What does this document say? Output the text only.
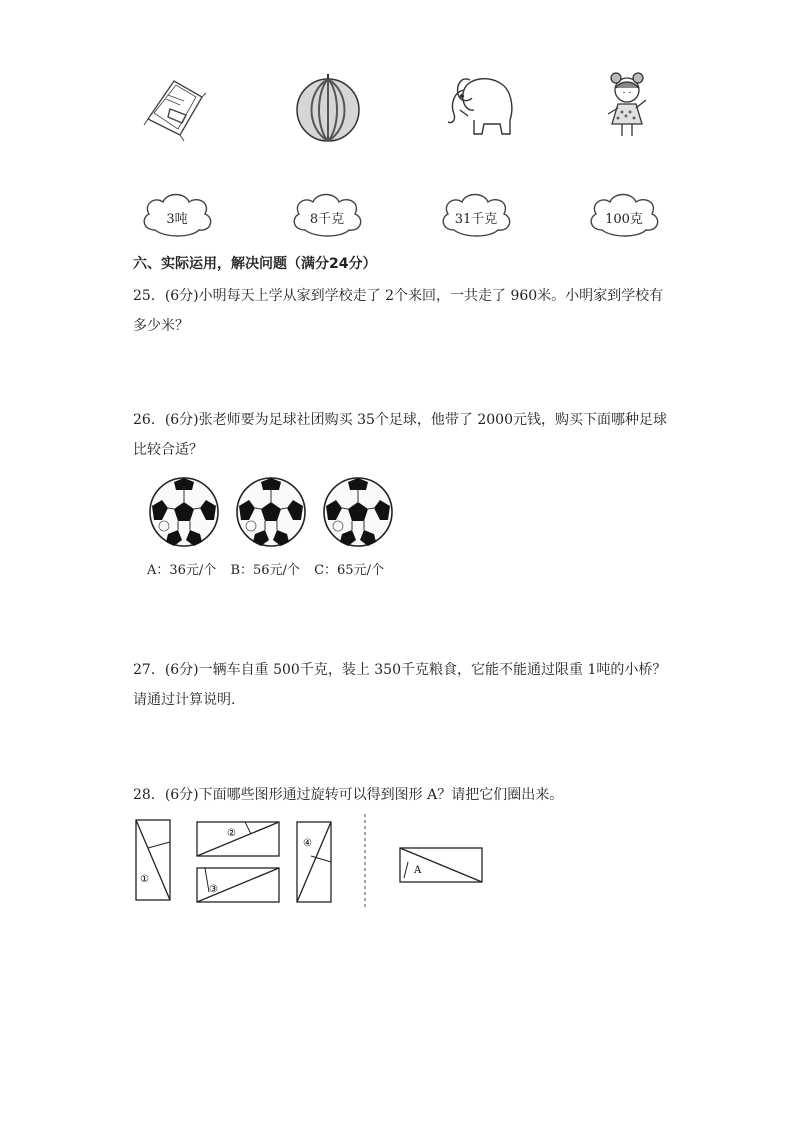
3吨	8千克	31千克	100克
六、实际运用，解决问题（满分24分）
25．(6分)小明每天上学从家到学校走了 2个来回，一共走了 960米。小明家到学校有
多少米？
26．(6分)张老师要为足球社团购买 35个足球，他带了 2000元钱，购买下面哪种足球
比较合适？
A：36元/个 B：56元/个 C：65元/个
27．(6分)一辆车自重 500千克，装上 350千克粮食，它能不能通过限重 1吨的小桥？
请通过计算说明.
28．(6分)下面哪些图形通过旋转可以得到图形 A？请把它们圈出来。
①
②
③
④
A
